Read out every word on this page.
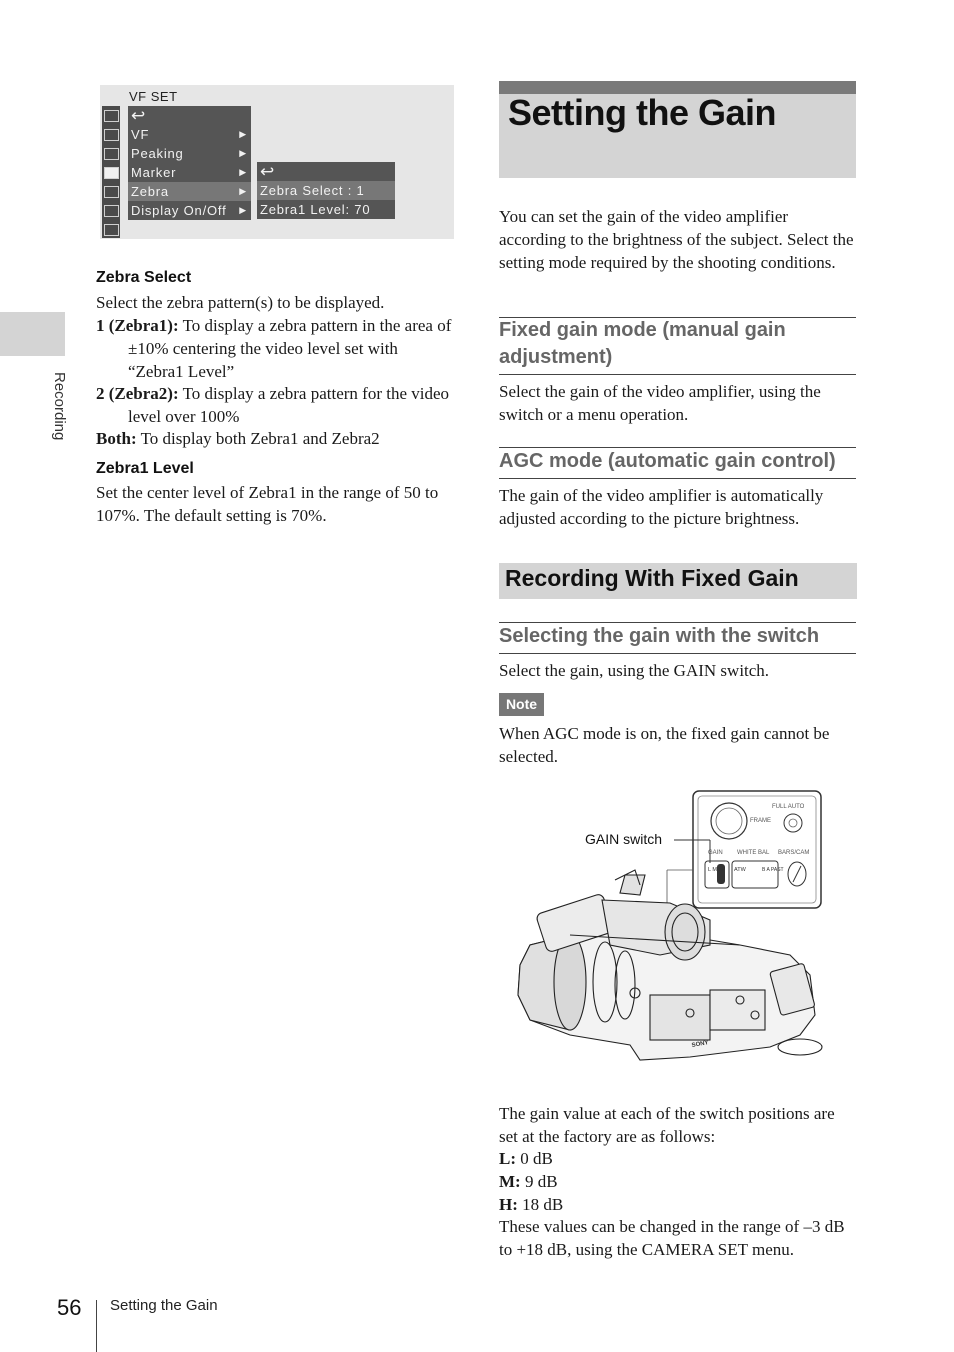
Recording
VF SET
↩
VF	▶
Peaking	▶
Marker	▶
Zebra	▶
Display On/Off ▶
↩
Zebra Select : 1
Zebra1 Level: 70
Zebra Select
Select the zebra pattern(s) to be displayed.
1 (Zebra1): To display a zebra pattern in the area of ±10% centering the video level set with “Zebra1 Level”
2 (Zebra2): To display a zebra pattern for the video level over 100%
Both: To display both Zebra1 and Zebra2
Zebra1 Level
Set the center level of Zebra1 in the range of 50 to 107%. The default setting is 70%.
Setting the Gain
You can set the gain of the video amplifier according to the brightness of the subject. Select the setting mode required by the shooting conditions.
Fixed gain mode (manual gain adjustment)
Select the gain of the video amplifier, using the switch or a menu operation.
AGC mode (automatic gain control)
The gain of the video amplifier is automatically adjusted according to the picture brightness.
Recording With Fixed Gain
Selecting the gain with the switch
Select the gain, using the GAIN switch.
Note
When AGC mode is on, the fixed gain cannot be selected.
FULL AUTO
FRAME
GAIN WHITE BAL BARS/CAM
L M H ATW	B A PAST
SONY
GAIN switch
The gain value at each of the switch positions are set at the factory are as follows:
L: 0 dB
M: 9 dB
H: 18 dB
These values can be changed in the range of –3 dB to +18 dB, using the CAMERA SET menu.
56 Setting the Gain
